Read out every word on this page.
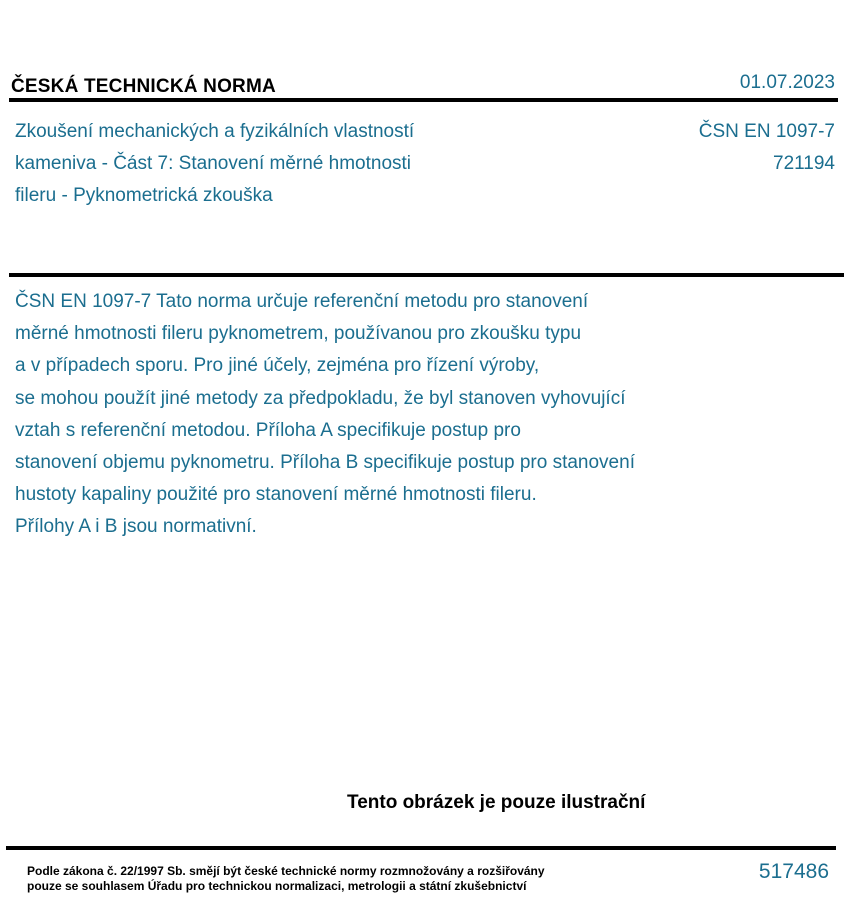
ČESKÁ TECHNICKÁ NORMA	01.07.2023
Zkoušení mechanických a fyzikálních vlastností
kameniva - Část 7: Stanovení měrné hmotnosti
fileru - Pyknometrická zkouška
ČSN EN 1097-7
721194
ČSN EN 1097-7 Tato norma určuje referenční metodu pro stanovení
měrné hmotnosti fileru pyknometrem, používanou pro zkoušku typu
a v případech sporu. Pro jiné účely, zejména pro řízení výroby,
se mohou použít jiné metody za předpokladu, že byl stanoven vyhovující
vztah s referenční metodou. Příloha A specifikuje postup pro
stanovení objemu pyknometru. Příloha B specifikuje postup pro stanovení
hustoty kapaliny použité pro stanovení měrné hmotnosti fileru.
Přílohy A i B jsou normativní.
Tento obrázek je pouze ilustrační
Podle zákona č. 22/1997 Sb. smějí být české technické normy rozmnožovány a rozšiřovány
pouze se souhlasem Úřadu pro technickou normalizaci, metrologii a státní zkušebnictví
517486
